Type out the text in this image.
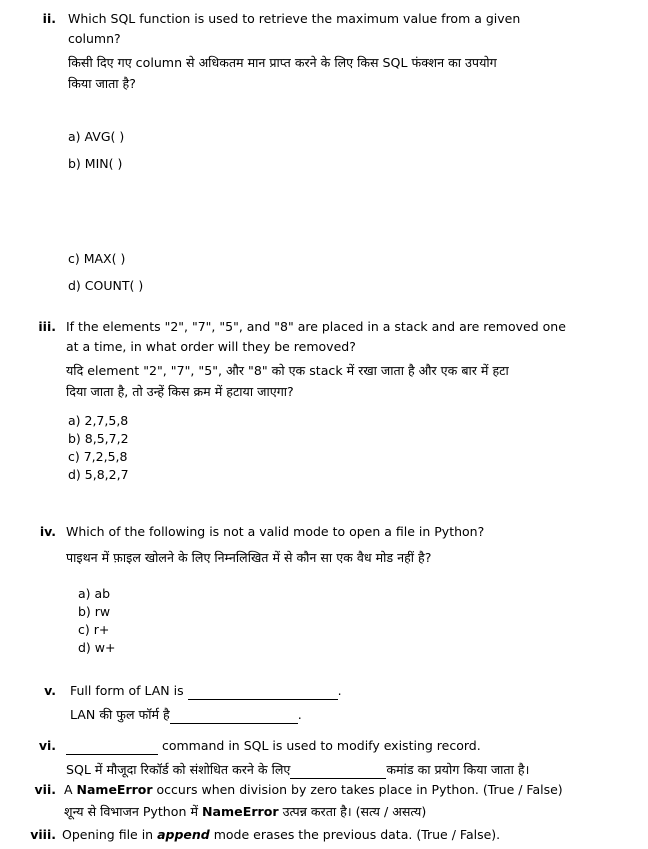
ii. Which SQL function is used to retrieve the maximum value from a given
column?
किसी दिए गए column से अधिकतम मान प्राप्त करने के लिए किस SQL फंक्शन का उपयोग
किया जाता है?
a) AVG( )
b) MIN( )
c) MAX( )
d) COUNT( )
iii. If the elements "2", "7", "5", and "8" are placed in a stack and are removed one
at a time, in what order will they be removed?
यदि element "2", "7", "5", और "8" को एक stack में रखा जाता है और एक बार में हटा
दिया जाता है, तो उन्हें किस क्रम में हटाया जाएगा?
a) 2,7,5,8
b) 8,5,7,2
c) 7,2,5,8
d) 5,8,2,7
iv. Which of the following is not a valid mode to open a file in Python?
पाइथन में फ़ाइल खोलने के लिए निम्नलिखित में से कौन सा एक वैध मोड नहीं है?
a) ab
b) rw
c) r+
d) w+
v. Full form of LAN is	.
LAN की फुल फॉर्म है	.
vi.	command in SQL is used to modify existing record.
SQL में मौजूदा रिकॉर्ड को संशोधित करने के लिए	कमांड का प्रयोग किया जाता है।
vii. A NameError occurs when division by zero takes place in Python. (True / False)
शून्य से विभाजन Python में NameError उत्पन्न करता है। (सत्य / असत्य)
viii. Opening file in append mode erases the previous data. (True / False).
